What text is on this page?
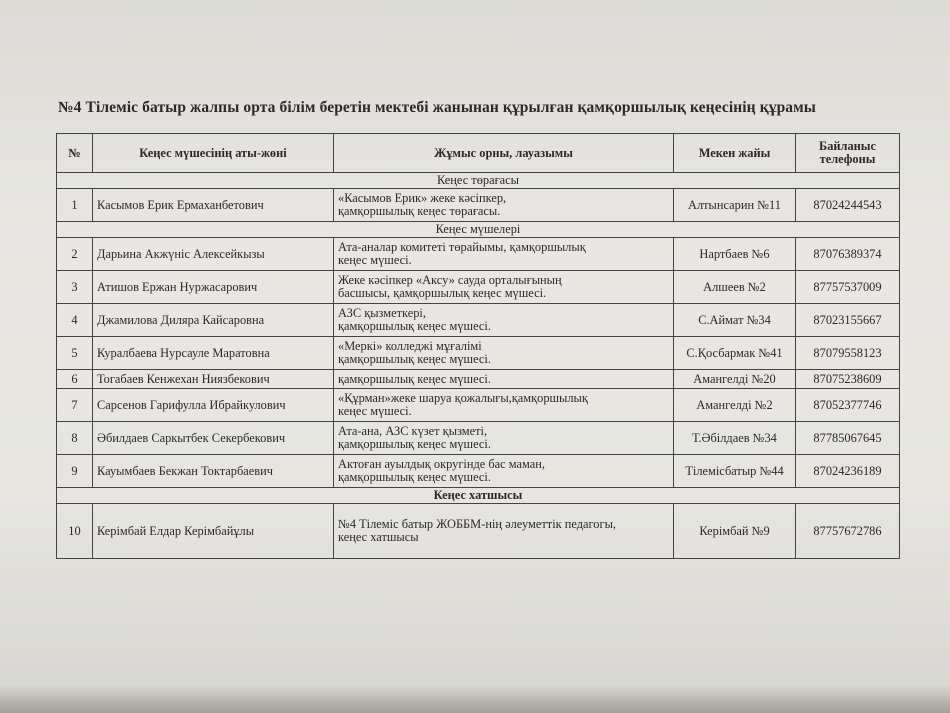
№4 Тілеміс батыр жалпы орта білім беретін мектебі жанынан құрылған қамқоршылық кеңесінің құрамы
№	Кеңес мүшесінің аты-жөні	Жұмыс орны, лауазымы	Мекен жайы	Байланыс
телефоны
Кеңес төрағасы				
1	Касымов Ерик Ермаханбетович	«Касымов Ерик» жеке кәсіпкер,
қамқоршылық кеңес төрағасы.	Алтынсарин №11	87024244543
Кеңес мүшелері				
2	Дарьина Акжүніс Алексейкызы	Ата-аналар комитеті төрайымы, қамқоршылық
кеңес мүшесі.	Нартбаев №6	87076389374
3	Атишов Ержан Нуржасарович	Жеке кәсіпкер «Аксу» сауда орталығының
басшысы, қамқоршылық кеңес мүшесі.	Алшеев №2	87757537009
4	Джамилова Диляра Кайсаровна	АЗС қызметкері,
қамқоршылық кеңес мүшесі.	С.Аймат №34	87023155667
5	Куралбаева Нурсауле Маратовна	«Меркі» колледжі мұғалімі
қамқоршылық кеңес мүшесі.	С.Қосбармак №41	87079558123
6	Тогабаев Кенжехан Ниязбекович	қамқоршылық кеңес мүшесі.	Амангелді №20	87075238609
7	Сарсенов Гарифулла Ибрайкулович	«Құрман»жеке шаруа қожалығы,қамқоршылық
кеңес мүшесі.	Амангелді №2	87052377746
8	Әбилдаев Саркытбек Секербекович	Ата-ана, АЗС күзет қызметі,
қамқоршылық кеңес мүшесі.	Т.Әбілдаев №34	87785067645
9	Кауымбаев Бекжан Токтарбаевич	Актоған ауылдық округінде бас маман,
қамқоршылық кеңес мүшесі.	Тілемісбатыр №44	87024236189
Кеңес хатшысы				
10	Керімбай Елдар Керімбайұлы	№4 Тілеміс батыр ЖОББМ-нің әлеуметтік педагогы,
кеңес хатшысы	Керімбай №9	87757672786
